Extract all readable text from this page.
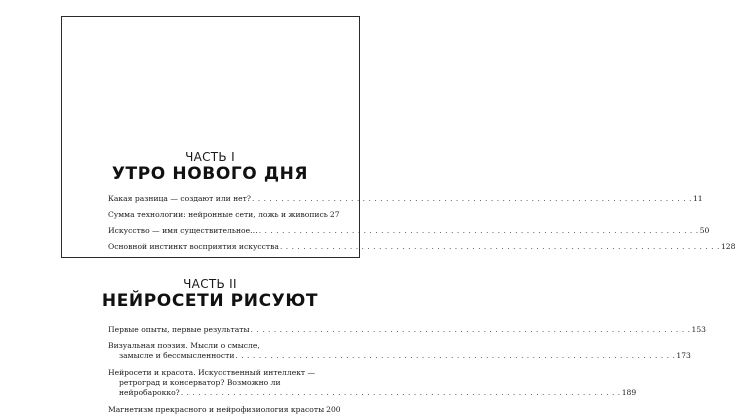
ЧАСТЬ I
УТРО НОВОГО ДНЯ
Какая разница — создают или нет? . . .	11
Сумма технологии: нейронные сети, ложь и живопись 27
Искусство — имя существительное… . . .	50
Основной инстинкт восприятия искусства . . .	128
ЧАСТЬ II
НЕЙРОСЕТИ РИСУЮТ
Первые опыты, первые результаты . . .	153
Визуальная поэзия. Мысли о смысле,
замысле и бессмысленности . . .	173
Нейросети и красота. Искусственный интеллект —
ретроград и консерватор? Возможно ли
нейробарокко? . . .	189
Магнетизм прекрасного и нейрофизиология красоты 200
